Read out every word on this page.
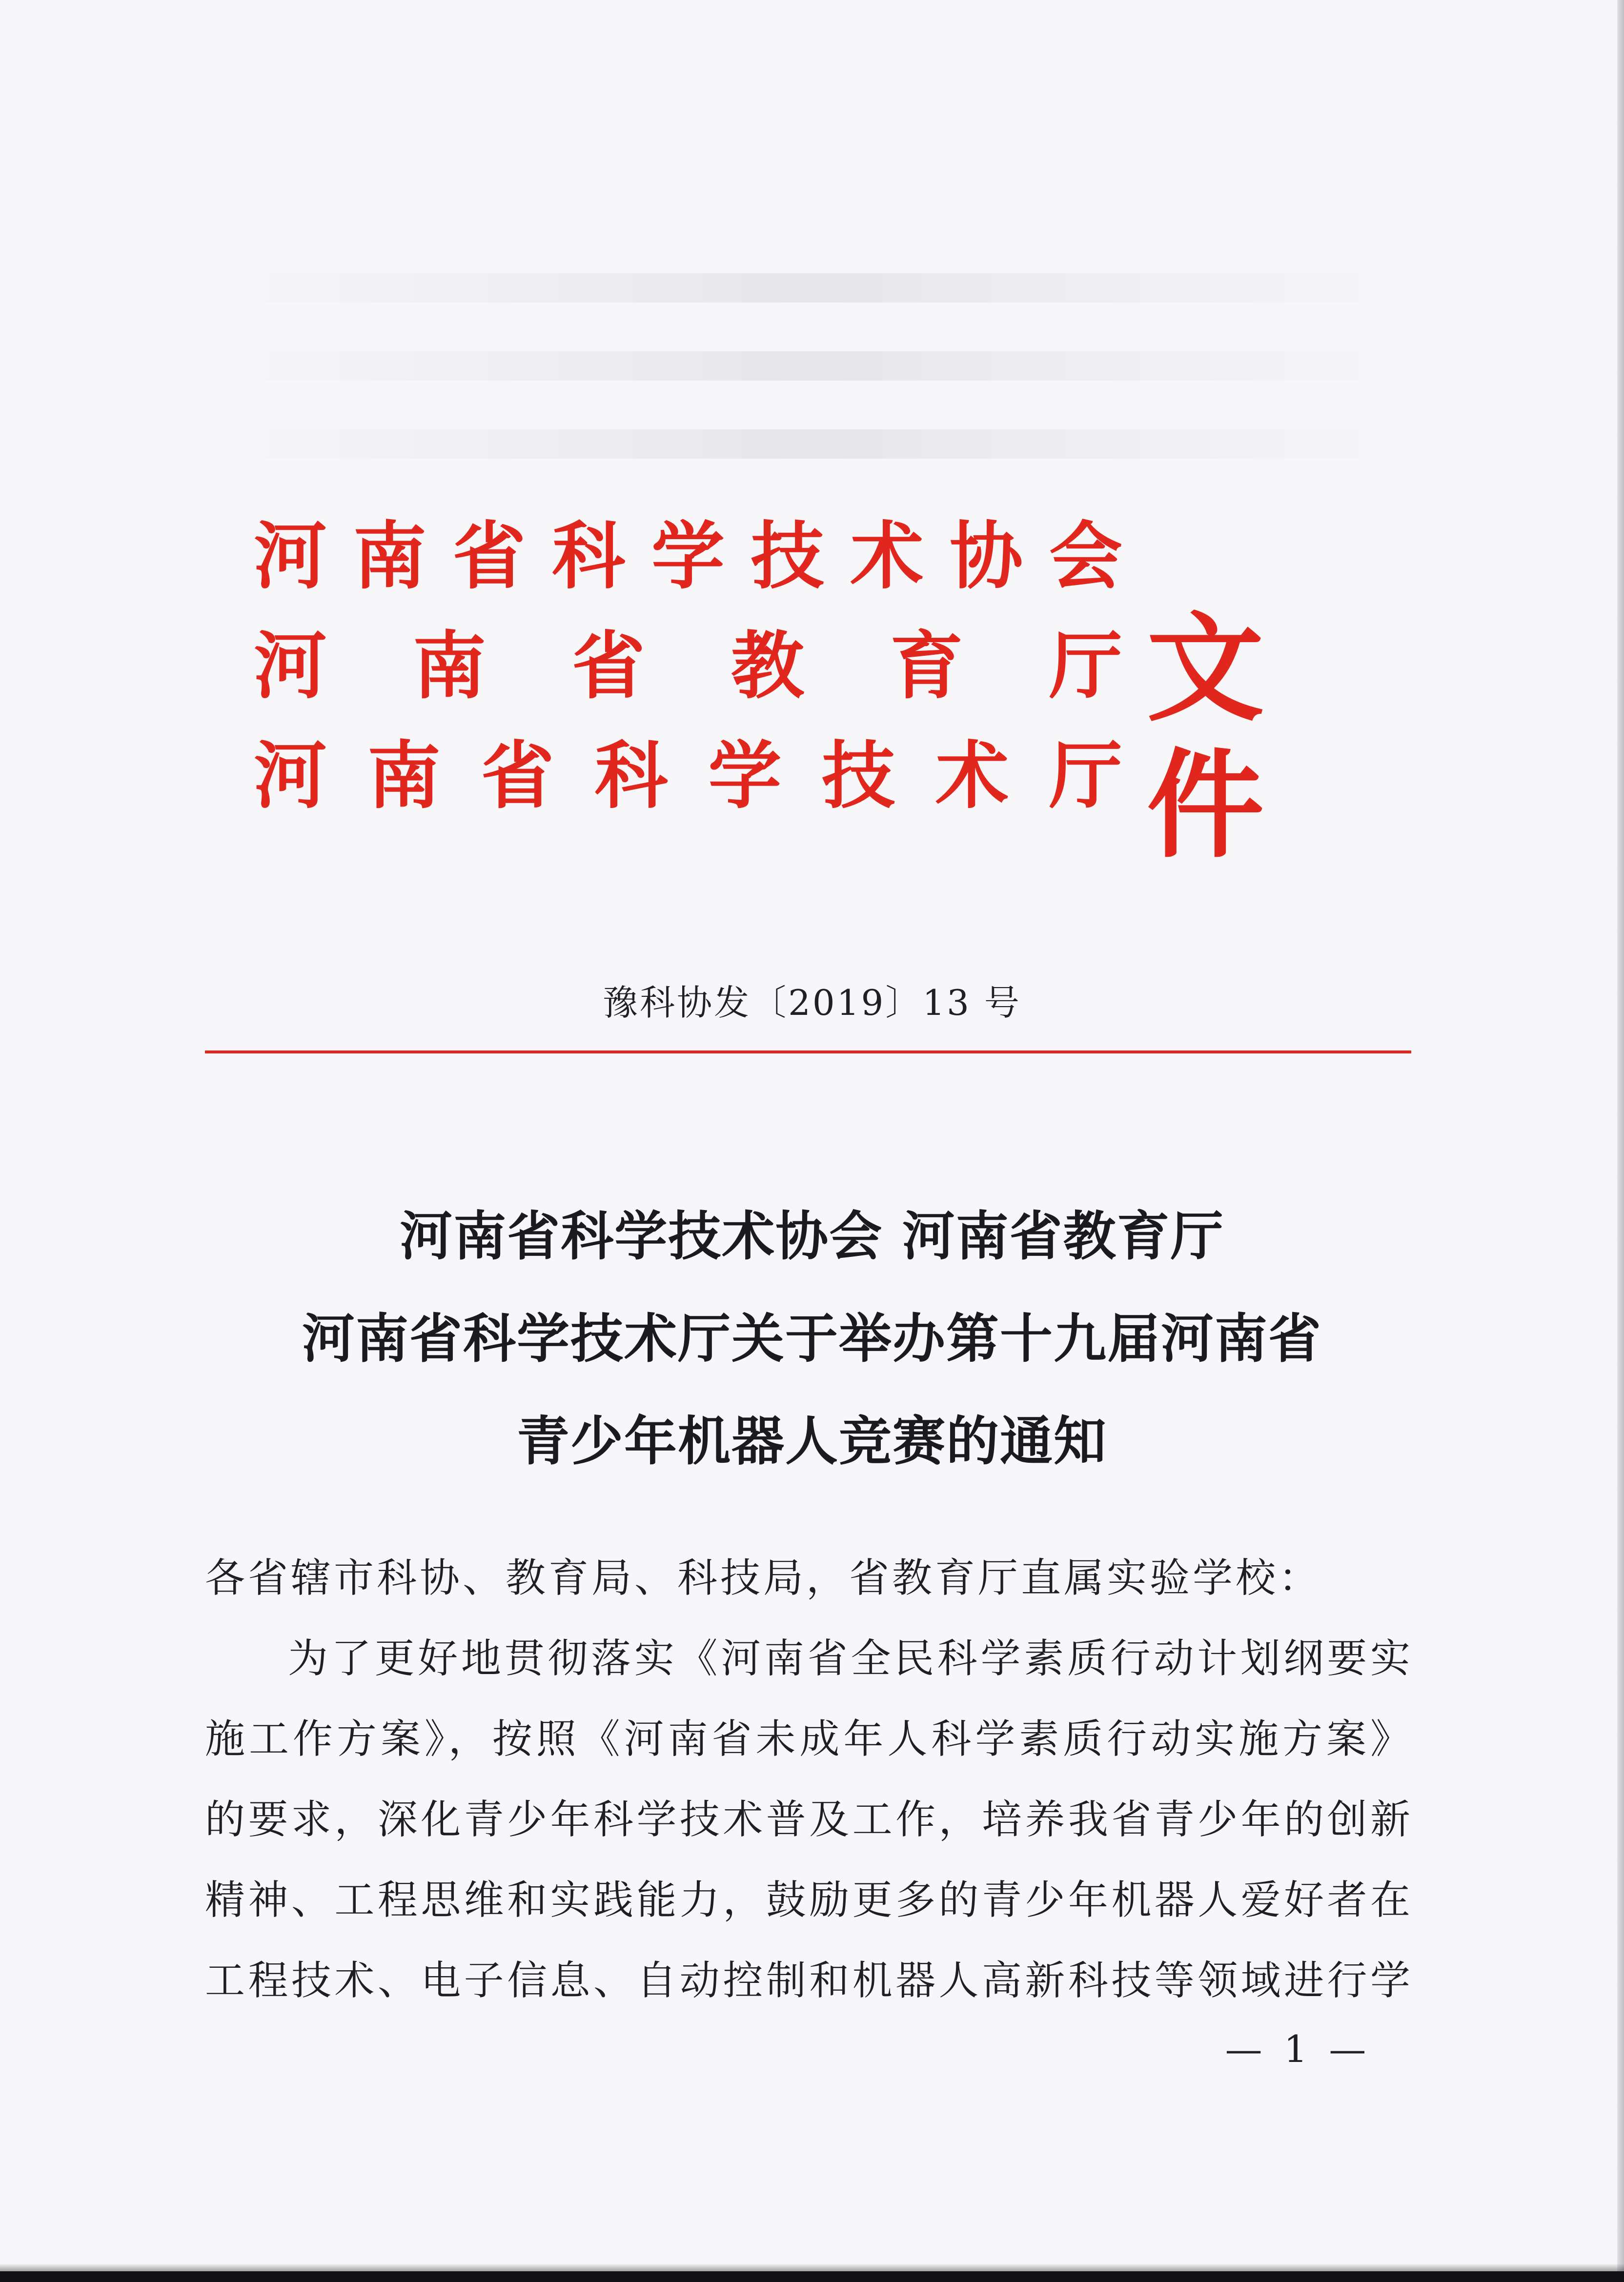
河 南 省 科 学 技 术 协 会
河 南 省 教 育 厅
河 南 省 科 学 技 术 厅
文件
豫科协发〔2019〕13 号
河南省科学技术协会 河南省教育厅
河南省科学技术厅关于举办第十九届河南省
青少年机器人竞赛的通知
各省辖市科协、教育局、科技局，省教育厅直属实验学校：
为了更好地贯彻落实《河南省全民科学素质行动计划纲要实
施工作方案》，按照《河南省未成年人科学素质行动实施方案》
的要求，深化青少年科学技术普及工作，培养我省青少年的创新
精神、工程思维和实践能力，鼓励更多的青少年机器人爱好者在
工程技术、电子信息、自动控制和机器人高新科技等领域进行学
— 1 —
